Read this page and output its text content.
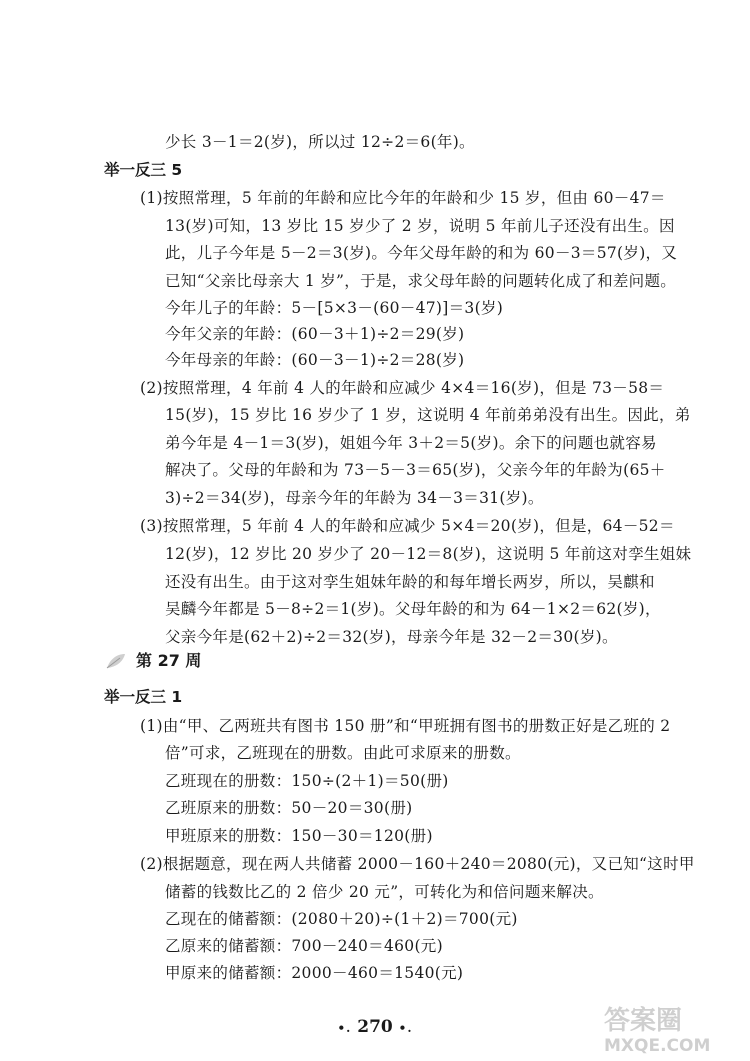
少长 3－1＝2(岁)，所以过 12÷2＝6(年)。
举一反三 5
(1)按照常理，5 年前的年龄和应比今年的年龄和少 15 岁，但由 60－47＝
13(岁)可知，13 岁比 15 岁少了 2 岁，说明 5 年前儿子还没有出生。因
此，儿子今年是 5－2＝3(岁)。今年父母年龄的和为 60－3＝57(岁)，又
已知“父亲比母亲大 1 岁”，于是，求父母年龄的问题转化成了和差问题。
今年儿子的年龄：5－[5×3－(60－47)]＝3(岁)
今年父亲的年龄：(60－3＋1)÷2＝29(岁)
今年母亲的年龄：(60－3－1)÷2＝28(岁)
(2)按照常理，4 年前 4 人的年龄和应减少 4×4＝16(岁)，但是 73－58＝
15(岁)，15 岁比 16 岁少了 1 岁，这说明 4 年前弟弟没有出生。因此，弟
弟今年是 4－1＝3(岁)，姐姐今年 3＋2＝5(岁)。余下的问题也就容易
解决了。父母的年龄和为 73－5－3＝65(岁)，父亲今年的年龄为(65＋
3)÷2＝34(岁)，母亲今年的年龄为 34－3＝31(岁)。
(3)按照常理，5 年前 4 人的年龄和应减少 5×4＝20(岁)，但是，64－52＝
12(岁)，12 岁比 20 岁少了 20－12＝8(岁)，这说明 5 年前这对孪生姐妹
还没有出生。由于这对孪生姐妹年龄的和每年增长两岁，所以，吴麒和
吴麟今年都是 5－8÷2＝1(岁)。父母年龄的和为 64－1×2＝62(岁)，
父亲今年是(62＋2)÷2＝32(岁)，母亲今年是 32－2＝30(岁)。
第 27 周
举一反三 1
(1)由“甲、乙两班共有图书 150 册”和“甲班拥有图书的册数正好是乙班的 2
倍”可求，乙班现在的册数。由此可求原来的册数。
乙班现在的册数：150÷(2＋1)＝50(册)
乙班原来的册数：50－20＝30(册)
甲班原来的册数：150－30＝120(册)
(2)根据题意，现在两人共储蓄 2000－160＋240＝2080(元)，又已知“这时甲
储蓄的钱数比乙的 2 倍少 20 元”，可转化为和倍问题来解决。
乙现在的储蓄额：(2080＋20)÷(1＋2)＝700(元)
乙原来的储蓄额：700－240＝460(元)
甲原来的储蓄额：2000－460＝1540(元)
•. 270 •.	答案圈
MXQE.COM
